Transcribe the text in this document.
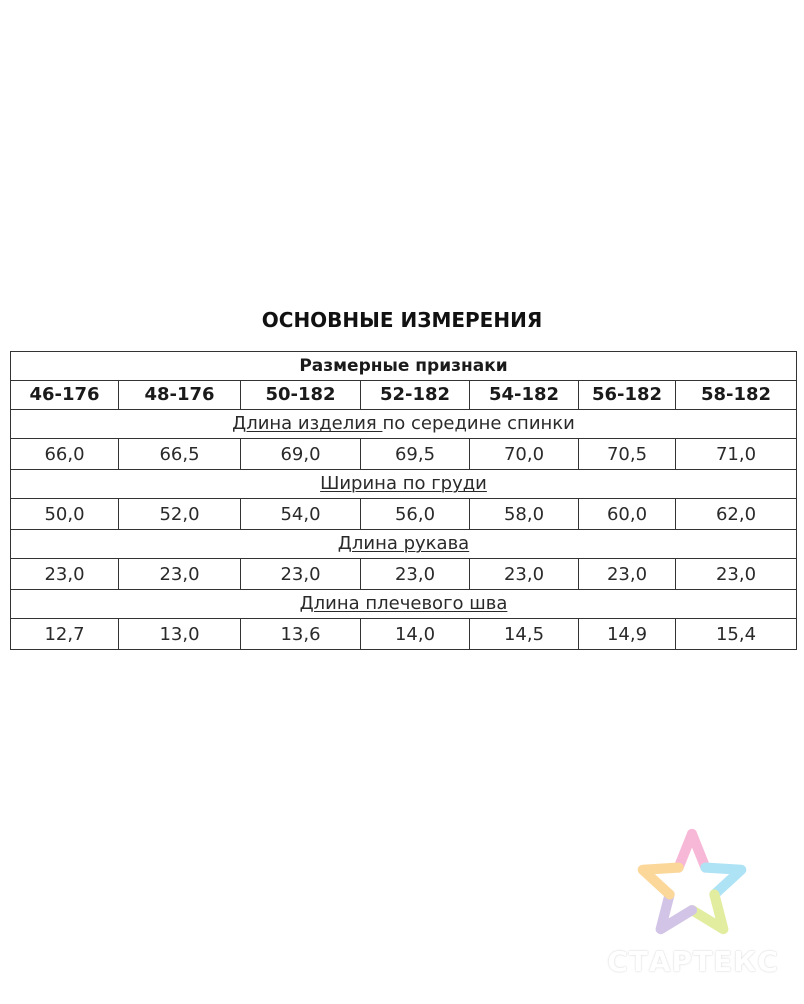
ОСНОВНЫЕ ИЗМЕРЕНИЯ
Размерные признаки						
46-176	48-176	50-182	52-182	54-182	56-182	58-182
Длина изделия по середине спинки						
66,0	66,5	69,0	69,5	70,0	70,5	71,0
Ширина по груди						
50,0	52,0	54,0	56,0	58,0	60,0	62,0
Длина рукава						
23,0	23,0	23,0	23,0	23,0	23,0	23,0
Длина плечевого шва						
12,7	13,0	13,6	14,0	14,5	14,9	15,4
СТАРТЕКС
